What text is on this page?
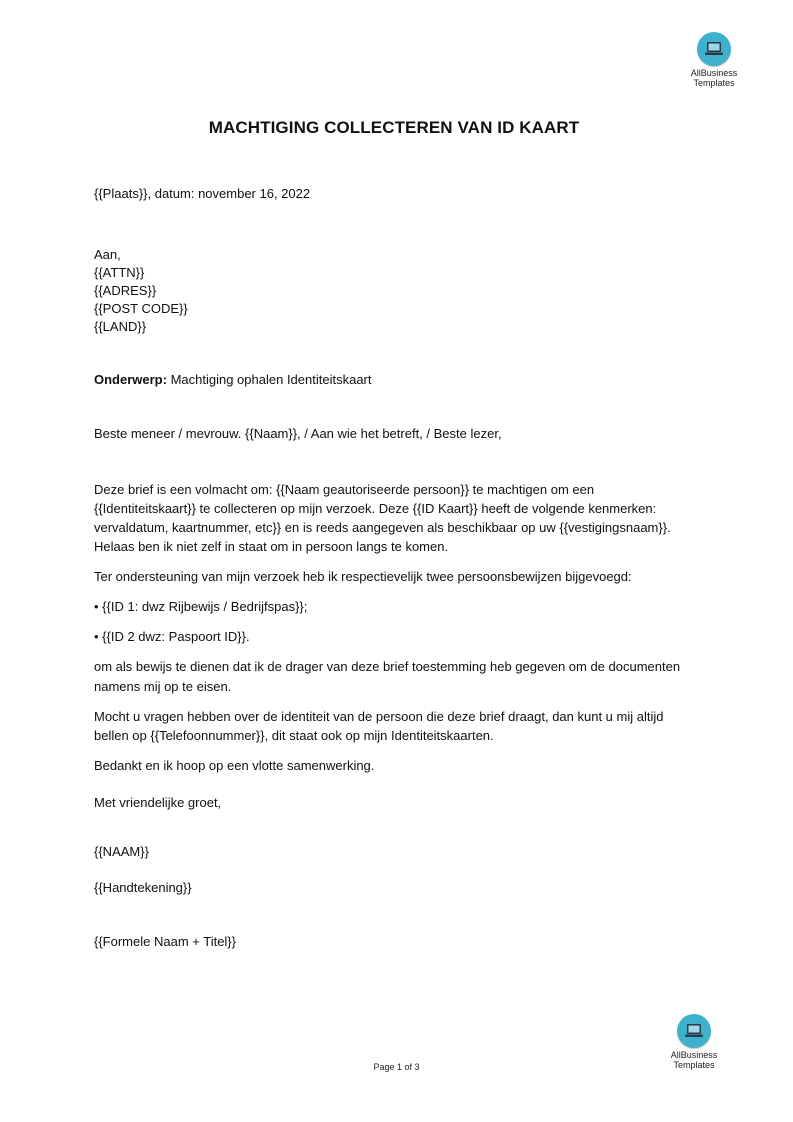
AllBusiness
Templates
MACHTIGING COLLECTEREN VAN ID KAART
{{Plaats}}, datum: november 16, 2022
Aan,
{{ATTN}}
{{ADRES}}
{{POST CODE}}
{{LAND}}
Onderwerp: Machtiging ophalen Identiteitskaart
Beste meneer / mevrouw. {{Naam}}, / Aan wie het betreft, / Beste lezer,
Deze brief is een volmacht om: {{Naam geautoriseerde persoon}} te machtigen om een
{{Identiteitskaart}} te collecteren op mijn verzoek. Deze {{ID Kaart}} heeft de volgende kenmerken:
vervaldatum, kaartnummer, etc}} en is reeds aangegeven als beschikbaar op uw {{vestigingsnaam}}.
Helaas ben ik niet zelf in staat om in persoon langs te komen.
Ter ondersteuning van mijn verzoek heb ik respectievelijk twee persoonsbewijzen bijgevoegd:
• {{ID 1: dwz Rijbewijs / Bedrijfspas}};
• {{ID 2 dwz: Paspoort ID}}.
om als bewijs te dienen dat ik de drager van deze brief toestemming heb gegeven om de documenten
namens mij op te eisen.
Mocht u vragen hebben over de identiteit van de persoon die deze brief draagt, dan kunt u mij altijd
bellen op {{Telefoonnummer}}, dit staat ook op mijn Identiteitskaarten.
Bedankt en ik hoop op een vlotte samenwerking.
Met vriendelijke groet,
{{NAAM}}
{{Handtekening}}
{{Formele Naam + Titel}}
AllBusiness
Templates
Page 1 of 3
